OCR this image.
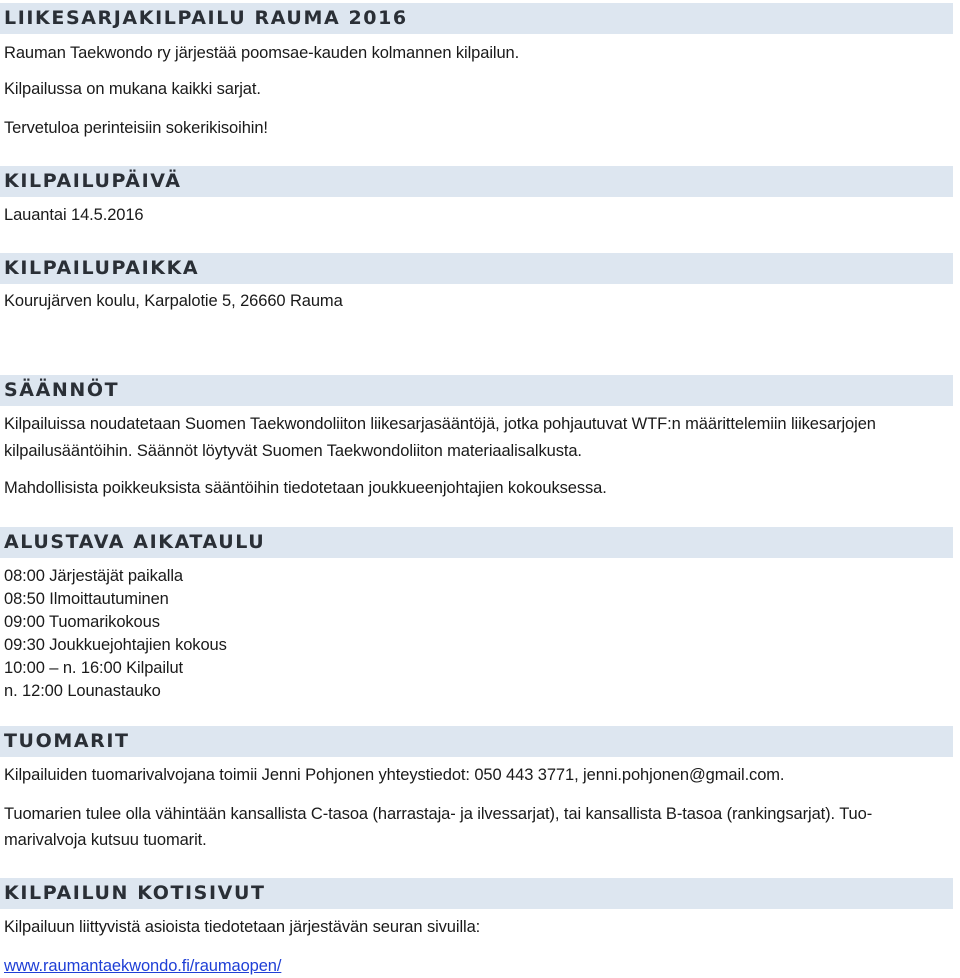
LIIKESARJAKILPAILU RAUMA 2016
Rauman Taekwondo ry järjestää poomsae-kauden kolmannen kilpailun.
Kilpailussa on mukana kaikki sarjat.
Tervetuloa perinteisiin sokerikisoihin!
KILPAILUPÄIVÄ
Lauantai 14.5.2016
KILPAILUPAIKKA
Kourujärven koulu, Karpalotie 5, 26660 Rauma
SÄÄNNÖT
Kilpailuissa noudatetaan Suomen Taekwondoliiton liikesarjasääntöjä, jotka pohjautuvat WTF:n määrittelemiin liikesarjojen
kilpailusääntöihin. Säännöt löytyvät Suomen Taekwondoliiton materiaalisalkusta.
Mahdollisista poikkeuksista sääntöihin tiedotetaan joukkueenjohtajien kokouksessa.
ALUSTAVA AIKATAULU
08:00 Järjestäjät paikalla
08:50 Ilmoittautuminen
09:00 Tuomarikokous
09:30 Joukkuejohtajien kokous
10:00 – n. 16:00 Kilpailut
n. 12:00 Lounastauko
TUOMARIT
Kilpailuiden tuomarivalvojana toimii Jenni Pohjonen yhteystiedot: 050 443 3771, jenni.pohjonen@gmail.com.
Tuomarien tulee olla vähintään kansallista C-tasoa (harrastaja- ja ilvessarjat), tai kansallista B-tasoa (rankingsarjat). Tuo-
marivalvoja kutsuu tuomarit.
KILPAILUN KOTISIVUT
Kilpailuun liittyvistä asioista tiedotetaan järjestävän seuran sivuilla:
www.raumantaekwondo.fi/raumaopen/
